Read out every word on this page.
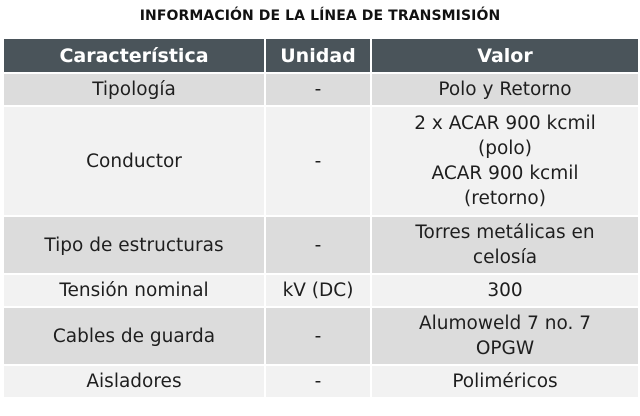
INFORMACIÓN DE LA LÍNEA DE TRANSMISIÓN
Característica	Unidad	Valor
Tipología	-	Polo y Retorno

Conductor	-	2 x ACAR 900 kcmil
(polo)
ACAR 900 kcmil
(retorno)

Tipo de estructuras	-	Torres metálicas en
celosía

Tensión nominal	kV (DC)	300

Cables de guarda	-	Alumoweld 7 no. 7
OPGW

Aisladores	-	Poliméricos
